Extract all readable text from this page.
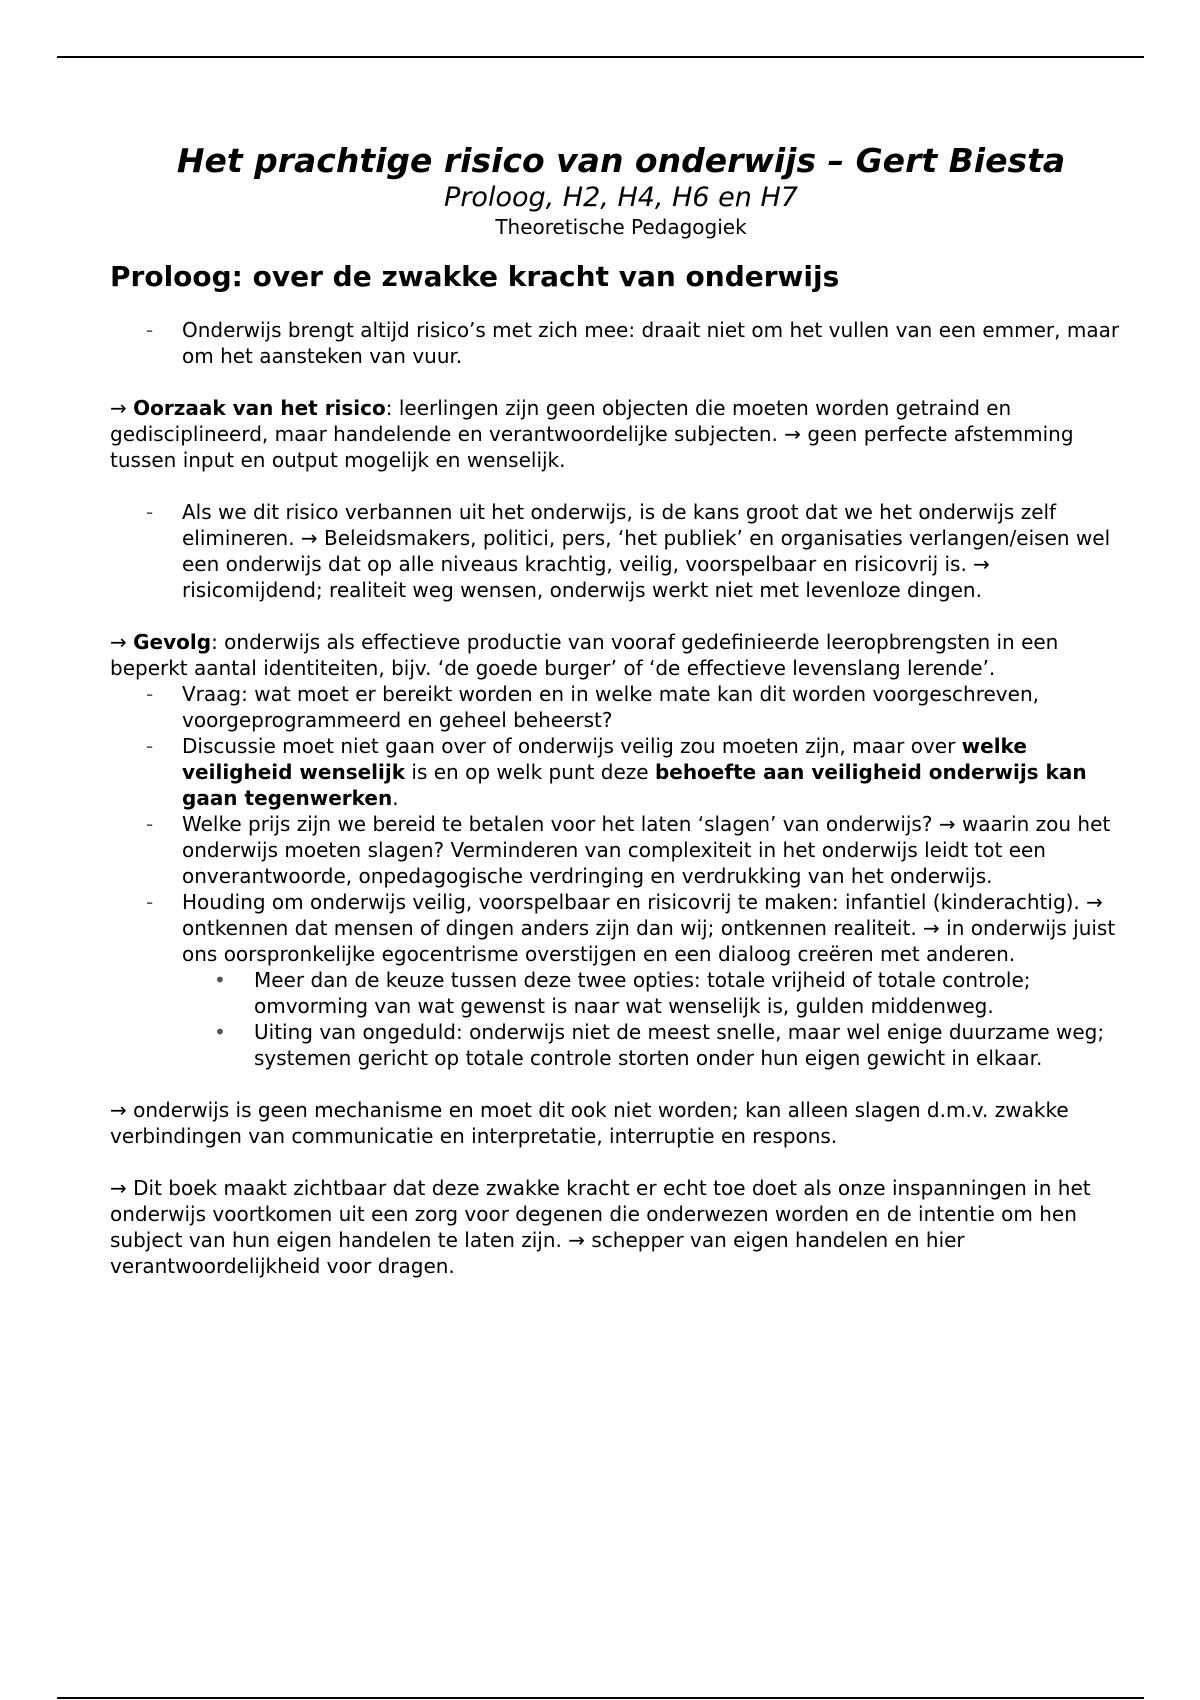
Het prachtige risico van onderwijs – Gert Biesta

Proloog, H2, H4, H6 en H7

Theoretische Pedagogiek

Proloog: over de zwakke kracht van onderwijs
- Onderwijs brengt altijd risico’s met zich mee: draait niet om het vullen van een emmer, maar om het aansteken van vuur.

→ Oorzaak van het risico: leerlingen zijn geen objecten die moeten worden getraind en gedisciplineerd, maar handelende en verantwoordelijke subjecten. → geen perfecte afstemming tussen input en output mogelijk en wenselijk.

- Als we dit risico verbannen uit het onderwijs, is de kans groot dat we het onderwijs zelf elimineren. → Beleidsmakers, politici, pers, ‘het publiek’ en organisaties verlangen/eisen wel een onderwijs dat op alle niveaus krachtig, veilig, voorspelbaar en risicovrij is. → risicomijdend; realiteit weg wensen, onderwijs werkt niet met levenloze dingen.

→ Gevolg: onderwijs als effectieve productie van vooraf gedefinieerde leeropbrengsten in een beperkt aantal identiteiten, bijv. ‘de goede burger’ of ‘de effectieve levenslang lerende’.

- Vraag: wat moet er bereikt worden en in welke mate kan dit worden voorgeschreven, voorgeprogrammeerd en geheel beheerst?
- Discussie moet niet gaan over of onderwijs veilig zou moeten zijn, maar over welke veiligheid wenselijk is en op welk punt deze behoefte aan veiligheid onderwijs kan gaan tegenwerken.
- Welke prijs zijn we bereid te betalen voor het laten ‘slagen’ van onderwijs? → waarin zou het onderwijs moeten slagen? Verminderen van complexiteit in het onderwijs leidt tot een onverantwoorde, onpedagogische verdringing en verdrukking van het onderwijs.
- Houding om onderwijs veilig, voorspelbaar en risicovrij te maken: infantiel (kinderachtig). → ontkennen dat mensen of dingen anders zijn dan wij; ontkennen realiteit. → in onderwijs juist ons oorspronkelijke egocentrisme overstijgen en een dialoog creëren met anderen.
• Meer dan de keuze tussen deze twee opties: totale vrijheid of totale controle; omvorming van wat gewenst is naar wat wenselijk is, gulden middenweg.
• Uiting van ongeduld: onderwijs niet de meest snelle, maar wel enige duurzame weg; systemen gericht op totale controle storten onder hun eigen gewicht in elkaar.

→ onderwijs is geen mechanisme en moet dit ook niet worden; kan alleen slagen d.m.v. zwakke verbindingen van communicatie en interpretatie, interruptie en respons.

→ Dit boek maakt zichtbaar dat deze zwakke kracht er echt toe doet als onze inspanningen in het onderwijs voortkomen uit een zorg voor degenen die onderwezen worden en de intentie om hen subject van hun eigen handelen te laten zijn. → schepper van eigen handelen en hier verantwoordelijkheid voor dragen.
